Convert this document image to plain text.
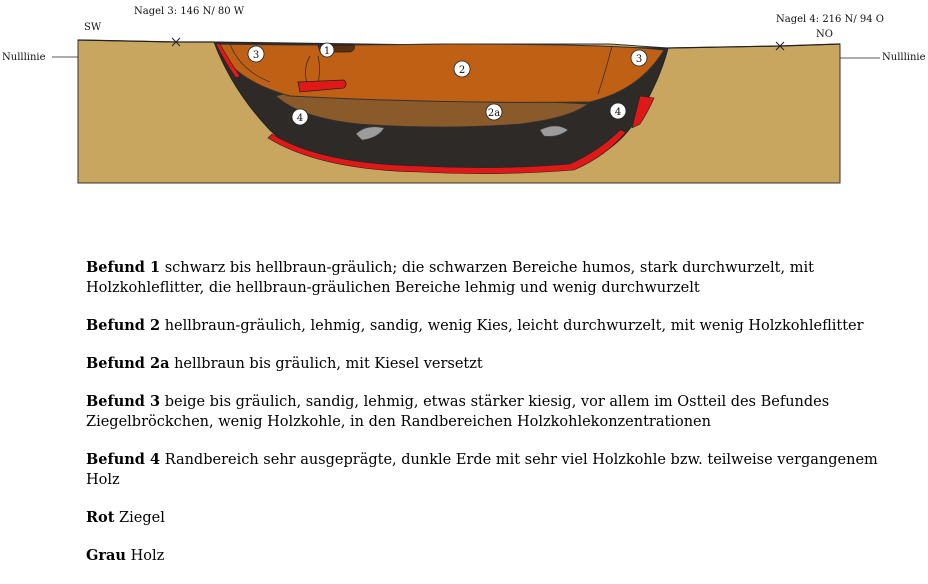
Nulllinie	Nulllinie
SW
NO
Nagel 3: 146 N/ 80 W
Nagel 4: 216 N/ 94 O
1
2
2a
3	3
4
4
Befund 1 schwarz bis hellbraun-gräulich; die schwarzen Bereiche humos, stark durchwurzelt, mit Holzkohleflitter, die hellbraun-gräulichen Bereiche lehmig und wenig durchwurzelt
Befund 2 hellbraun-gräulich, lehmig, sandig, wenig Kies, leicht durchwurzelt, mit wenig Holzkohleflitter
Befund 2a hellbraun bis gräulich, mit Kiesel versetzt
Befund 3 beige bis gräulich, sandig, lehmig, etwas stärker kiesig, vor allem im Ostteil des Befundes Ziegelbröckchen, wenig Holzkohle, in den Randbereichen Holzkohlekonzentrationen
Befund 4 Randbereich sehr ausgeprägte, dunkle Erde mit sehr viel Holzkohle bzw. teilweise vergangenem Holz
Rot Ziegel
Grau Holz
